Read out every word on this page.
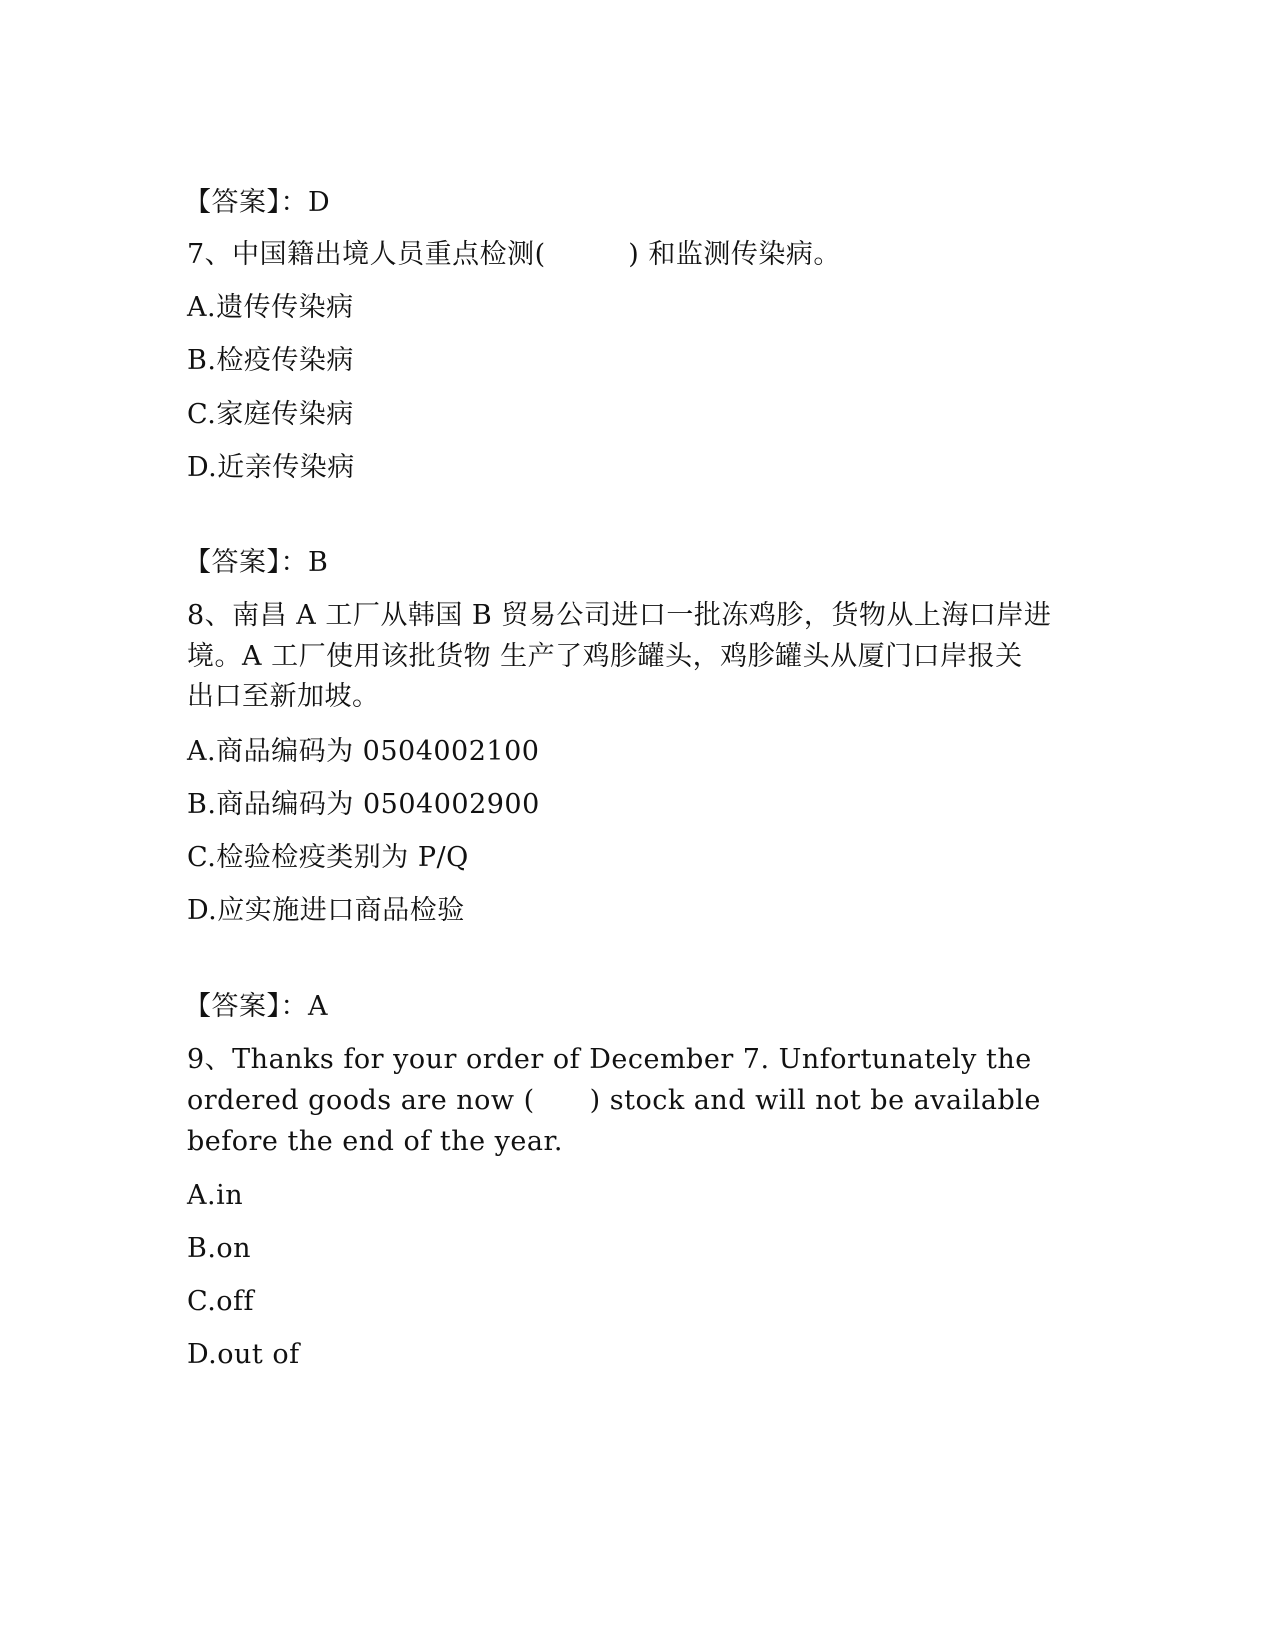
【答案】：D
7、中国籍出境人员重点检测(　　　) 和监测传染病。
A.遗传传染病
B.检疫传染病
C.家庭传染病
D.近亲传染病
【答案】：B
8、南昌 A 工厂从韩国 B 贸易公司进口一批冻鸡胗，货物从上海口岸进
境。A 工厂使用该批货物 生产了鸡胗罐头，鸡胗罐头从厦门口岸报关
出口至新加坡。
A.商品编码为 0504002100
B.商品编码为 0504002900
C.检验检疫类别为 P/Q
D.应实施进口商品检验
【答案】：A
9、Thanks for your order of December 7. Unfortunately the
ordered goods are now (　　) stock and will not be available
before the end of the year.
A.in
B.on
C.off
D.out of
